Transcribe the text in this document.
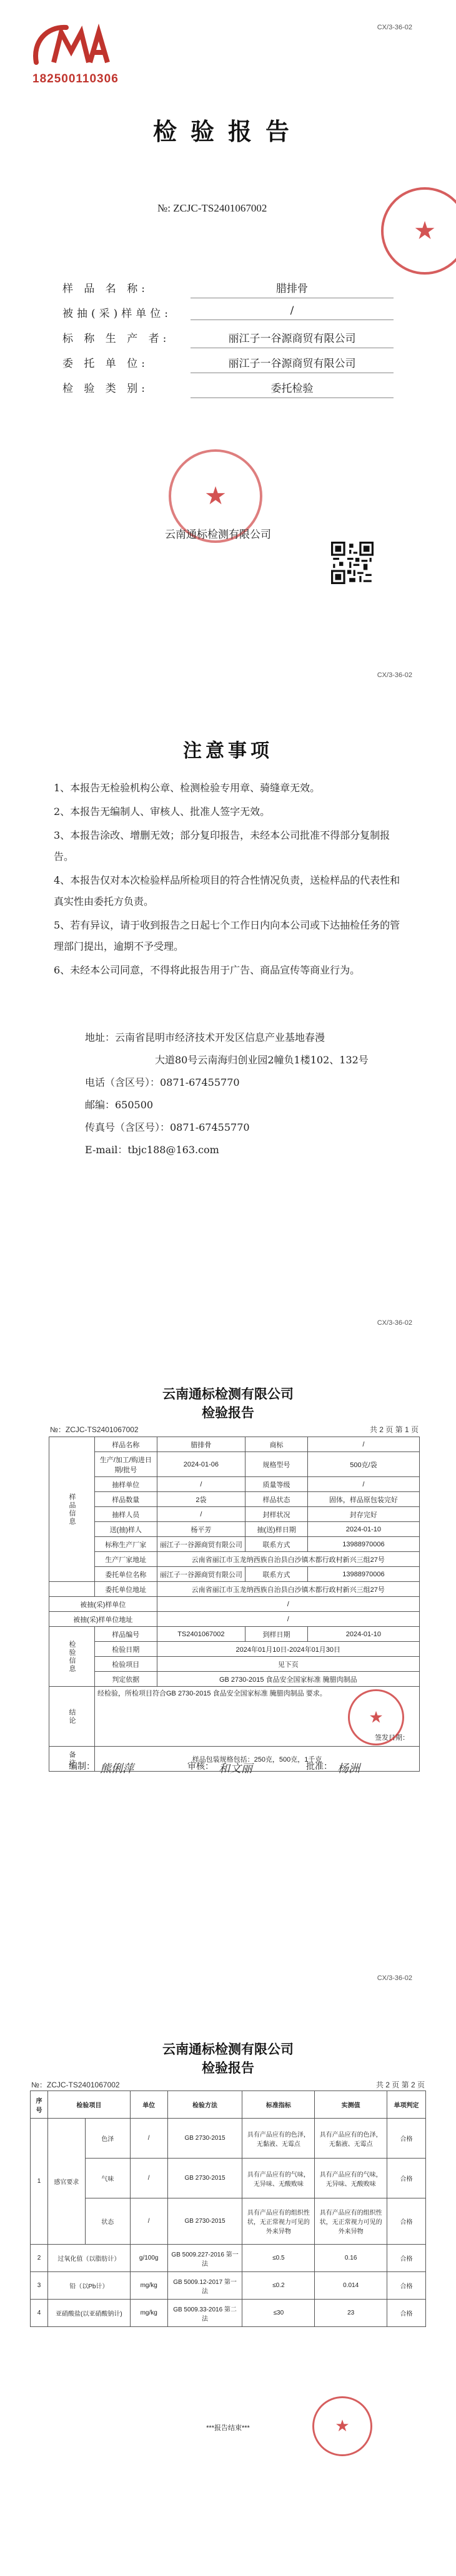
CX/3-36-02
182500110306
检验报告
№: ZCJC-TS2401067002
★
样 品 名 称:	腊排骨
被抽(采)样单位:	/
标 称 生 产 者:	丽江子一谷源商贸有限公司
委 托 单 位:	丽江子一谷源商贸有限公司
检 验 类 别:	委托检验
★
云南通标检测有限公司
CX/3-36-02
注意事项
1、本报告无检验机构公章、检测检验专用章、骑缝章无效。
2、本报告无编制人、审核人、批准人签字无效。
3、本报告涂改、增删无效；部分复印报告，未经本公司批准不得部分复制报告。
4、本报告仅对本次检验样品所检项目的符合性情况负责，送检样品的代表性和真实性由委托方负责。
5、若有异议，请于收到报告之日起七个工作日内向本公司或下达抽检任务的管理部门提出，逾期不予受理。
6、未经本公司同意，不得将此报告用于广告、商品宣传等商业行为。
地址：云南省昆明市经济技术开发区信息产业基地春漫
大道80号云南海归创业园2幢负1楼102、132号
电话（含区号）：0871-67455770
邮编：650500
传真号（含区号）：0871-67455770
E-mail：tbjc188@163.com
CX/3-36-02
云南通标检测有限公司
检验报告
№：ZCJC-TS2401067002	共 2 页 第 1 页
样品信息	样品名称	腊排骨	商标	/
	生产/加工/购进日期/批号	2024-01-06	规格型号	500克/袋
	抽样单位	/	质量等级	/
	样品数量	2袋	样品状态	固体，样品原包装完好
	抽样人员	/	封样状况	封存完好
	送(抽)样人	杨平芳	抽(送)样日期	2024-01-10
	标称生产厂家	丽江子一谷源商贸有限公司	联系方式	13988970006
	生产厂家地址	云南省丽江市玉龙纳西族自治县白沙镇木都行政村新兴三组27号		
	委托单位名称	丽江子一谷源商贸有限公司	联系方式	13988970006
	委托单位地址	云南省丽江市玉龙纳西族自治县白沙镇木都行政村新兴三组27号		
被抽(采)样单位		/		
被抽(采)样单位地址		/		
检验信息	样品编号	TS2401067002	到样日期	2024-01-10
	检验日期	2024年01月10日-2024年01月30日		
	检验项目	见下页		
	判定依据	GB 2730-2015 食品安全国家标准 腌腊肉制品		
结论	经检验，所检项目符合GB 2730-2015 食品安全国家标准 腌腊肉制品 要求。
签发日期：
★			

备注	样品包装规格包括：250克，500克，1千克			
编制： 熊俐萍	审核： 和文丽	批准： 杨洲
CX/3-36-02
云南通标检测有限公司
检验报告
№：ZCJC-TS2401067002	共 2 页 第 2 页
序号	检验项目		单位	检验方法	标准指标	实测值	单项判定
1	感官要求	色泽	/	GB 2730-2015	具有产品应有的色泽，无黏液、无霉点	具有产品应有的色泽，无黏液、无霉点	合格
		气味	/	GB 2730-2015	具有产品应有的气味，无异味、无酸败味	具有产品应有的气味，无异味、无酸败味	合格
		状态	/	GB 2730-2015	具有产品应有的组织性状，无正常视力可见的外来异物	具有产品应有的组织性状，无正常视力可见的外来异物	合格
2	过氧化值（以脂肪计）		g/100g	GB 5009.227-2016 第一法	≤0.5	0.16	合格
3	铅（以Pb计）		mg/kg	GB 5009.12-2017 第一法	≤0.2	0.014	合格
4	亚硝酸盐(以亚硝酸钠计)		mg/kg	GB 5009.33-2016 第二法	≤30	23	合格
★
***报告结束***
